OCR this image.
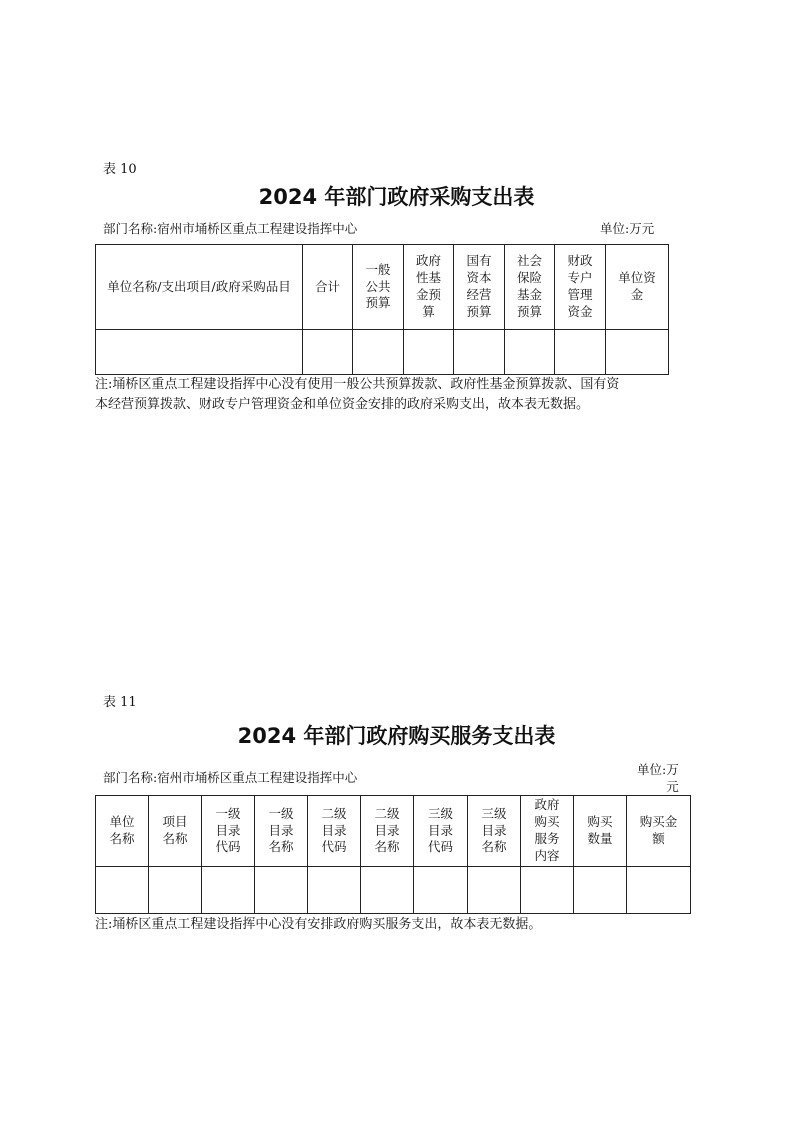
表 10
2024 年部门政府采购支出表
部门名称:宿州市埇桥区重点工程建设指挥中心	单位:万元
单位名称/支出项目/政府采购品目	合计	一般
公共
预算	政府
性基
金预
算	国有
资本
经营
预算	社会
保险
基金
预算	财政
专户
管理
资金	单位资
金

注:埇桥区重点工程建设指挥中心没有使用一般公共预算拨款、政府性基金预算拨款、国有资
本经营预算拨款、财政专户管理资金和单位资金安排的政府采购支出，故本表无数据。
表 11
2024 年部门政府购买服务支出表
部门名称:宿州市埇桥区重点工程建设指挥中心
单位:万
元
单位
名称	项目
名称	一级
目录
代码	一级
目录
名称	二级
目录
代码	二级
目录
名称	三级
目录
代码	三级
目录
名称	政府
购买
服务
内容	购买
数量	购买金
额

注:埇桥区重点工程建设指挥中心没有安排政府购买服务支出，故本表无数据。
